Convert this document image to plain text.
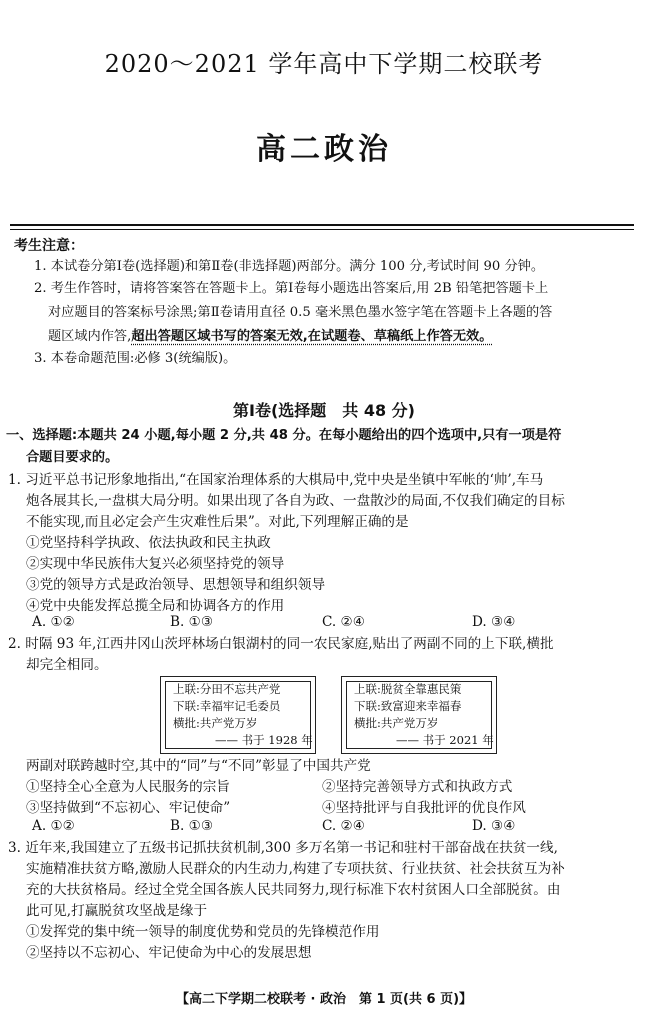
2020～2021 学年高中下学期二校联考
高二政治
考生注意：
1. 本试卷分第Ⅰ卷(选择题)和第Ⅱ卷(非选择题)两部分。满分 100 分,考试时间 90 分钟。
2. 考生作答时，请将答案答在答题卡上。第Ⅰ卷每小题选出答案后,用 2B 铅笔把答题卡上
对应题目的答案标号涂黑;第Ⅱ卷请用直径 0.5 毫米黑色墨水签字笔在答题卡上各题的答
题区域内作答,超出答题区域书写的答案无效,在试题卷、草稿纸上作答无效。
3. 本卷命题范围:必修 3(统编版)。
第Ⅰ卷(选择题　共 48 分)
一、选择题:本题共 24 小题,每小题 2 分,共 48 分。在每小题给出的四个选项中,只有一项是符
合题目要求的。
1. 习近平总书记形象地指出,“在国家治理体系的大棋局中,党中央是坐镇中军帐的‘帅’,车马
炮各展其长,一盘棋大局分明。如果出现了各自为政、一盘散沙的局面,不仅我们确定的目标
不能实现,而且必定会产生灾难性后果”。对此,下列理解正确的是
①党坚持科学执政、依法执政和民主执政
②实现中华民族伟大复兴必须坚持党的领导
③党的领导方式是政治领导、思想领导和组织领导
④党中央能发挥总揽全局和协调各方的作用
A. ①②	B. ①③	C. ②④	D. ③④
2. 时隔 93 年,江西井冈山茨坪林场白银湖村的同一农民家庭,贴出了两副不同的上下联,横批
却完全相同。
上联:分田不忘共产党
下联:幸福牢记毛委员
横批:共产党万岁
—— 书于 1928 年
上联:脱贫全靠惠民策
下联:致富迎来幸福春
横批:共产党万岁
—— 书于 2021 年
两副对联跨越时空,其中的“同”与“不同”彰显了中国共产党
①坚持全心全意为人民服务的宗旨	②坚持完善领导方式和执政方式
③坚持做到“不忘初心、牢记使命”	④坚持批评与自我批评的优良作风
A. ①②	B. ①③	C. ②④	D. ③④
3. 近年来,我国建立了五级书记抓扶贫机制,300 多万名第一书记和驻村干部奋战在扶贫一线,
实施精准扶贫方略,激励人民群众的内生动力,构建了专项扶贫、行业扶贫、社会扶贫互为补
充的大扶贫格局。经过全党全国各族人民共同努力,现行标准下农村贫困人口全部脱贫。由
此可见,打赢脱贫攻坚战是缘于
①发挥党的集中统一领导的制度优势和党员的先锋模范作用
②坚持以不忘初心、牢记使命为中心的发展思想
【高二下学期二校联考 · 政治　第 1 页(共 6 页)】
